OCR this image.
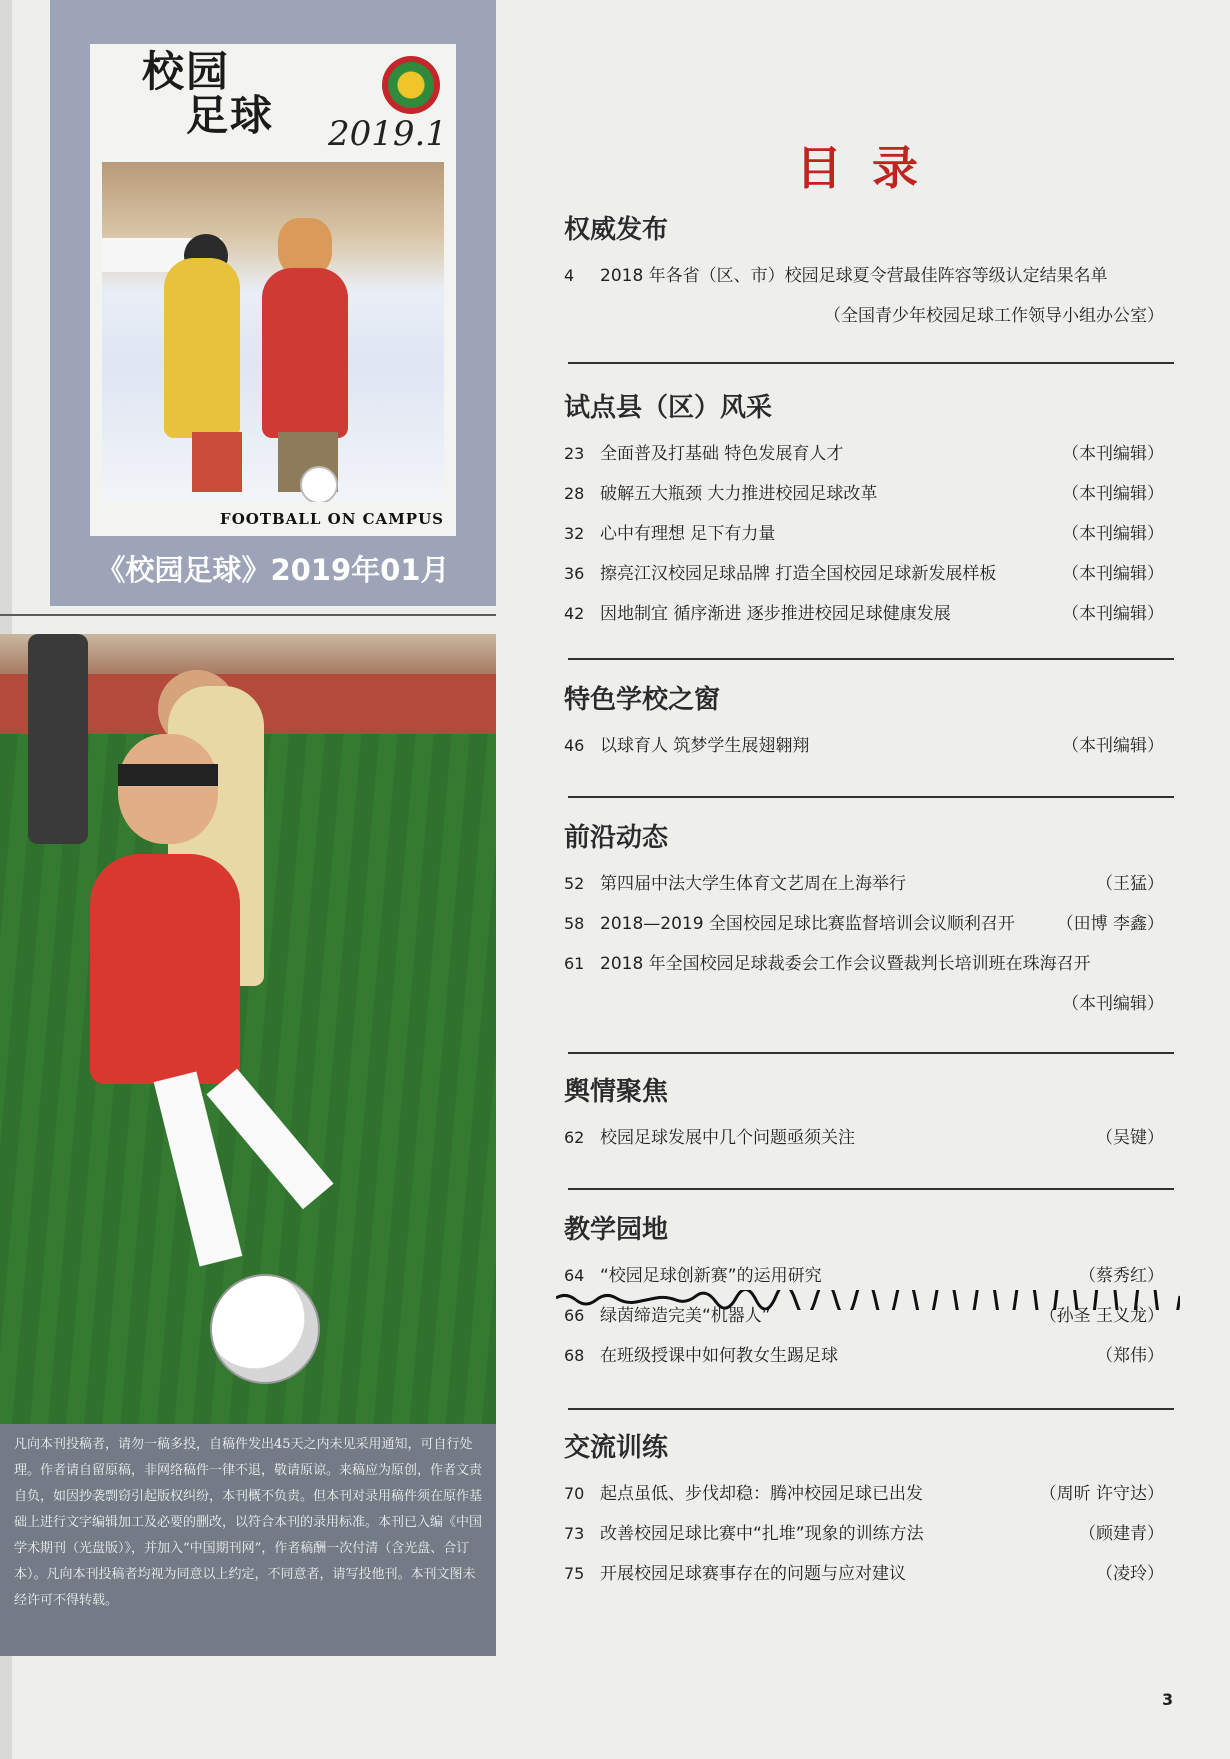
校园
足球 2019.1
FOOTBALL ON CAMPUS
《校园足球》2019年01月
凡向本刊投稿者，请勿一稿多投，自稿件发出45天之内未见采用通知，可自行处理。作者请自留原稿，非网络稿件一律不退，敬请原谅。来稿应为原创，作者文责自负，如因抄袭剽窃引起版权纠纷，本刊概不负责。但本刊对录用稿件须在原作基础上进行文字编辑加工及必要的删改，以符合本刊的录用标准。本刊已入编《中国学术期刊（光盘版）》，并加入“中国期刊网”，作者稿酬一次付清（含光盘、合订本）。凡向本刊投稿者均视为同意以上约定，不同意者，请写投他刊。本刊文图未经许可不得转载。
目录
权威发布
4 2018 年各省（区、市）校园足球夏令营最佳阵容等级认定结果名单
（全国青少年校园足球工作领导小组办公室）
试点县（区）风采
23 全面普及打基础 特色发展育人才	（本刊编辑）
28 破解五大瓶颈 大力推进校园足球改革	（本刊编辑）
32 心中有理想 足下有力量	（本刊编辑）
36 擦亮江汉校园足球品牌 打造全国校园足球新发展样板	（本刊编辑）
42 因地制宜 循序渐进 逐步推进校园足球健康发展	（本刊编辑）
特色学校之窗
46 以球育人 筑梦学生展翅翱翔	（本刊编辑）
前沿动态
52 第四届中法大学生体育文艺周在上海举行	（王猛）
58 2018—2019 全国校园足球比赛监督培训会议顺利召开 （田博 李鑫）
61 2018 年全国校园足球裁委会工作会议暨裁判长培训班在珠海召开
（本刊编辑）
舆情聚焦
62 校园足球发展中几个问题亟须关注	（吴键）
教学园地
64 “校园足球创新赛”的运用研究	（蔡秀红）
66 绿茵缔造完美“机器人”	（孙圣 王义龙）
68 在班级授课中如何教女生踢足球	（郑伟）
交流训练
70 起点虽低、步伐却稳：腾冲校园足球已出发	（周昕 许守达）
73 改善校园足球比赛中“扎堆”现象的训练方法	（顾建青）
75 开展校园足球赛事存在的问题与应对建议	（凌玲）
3
